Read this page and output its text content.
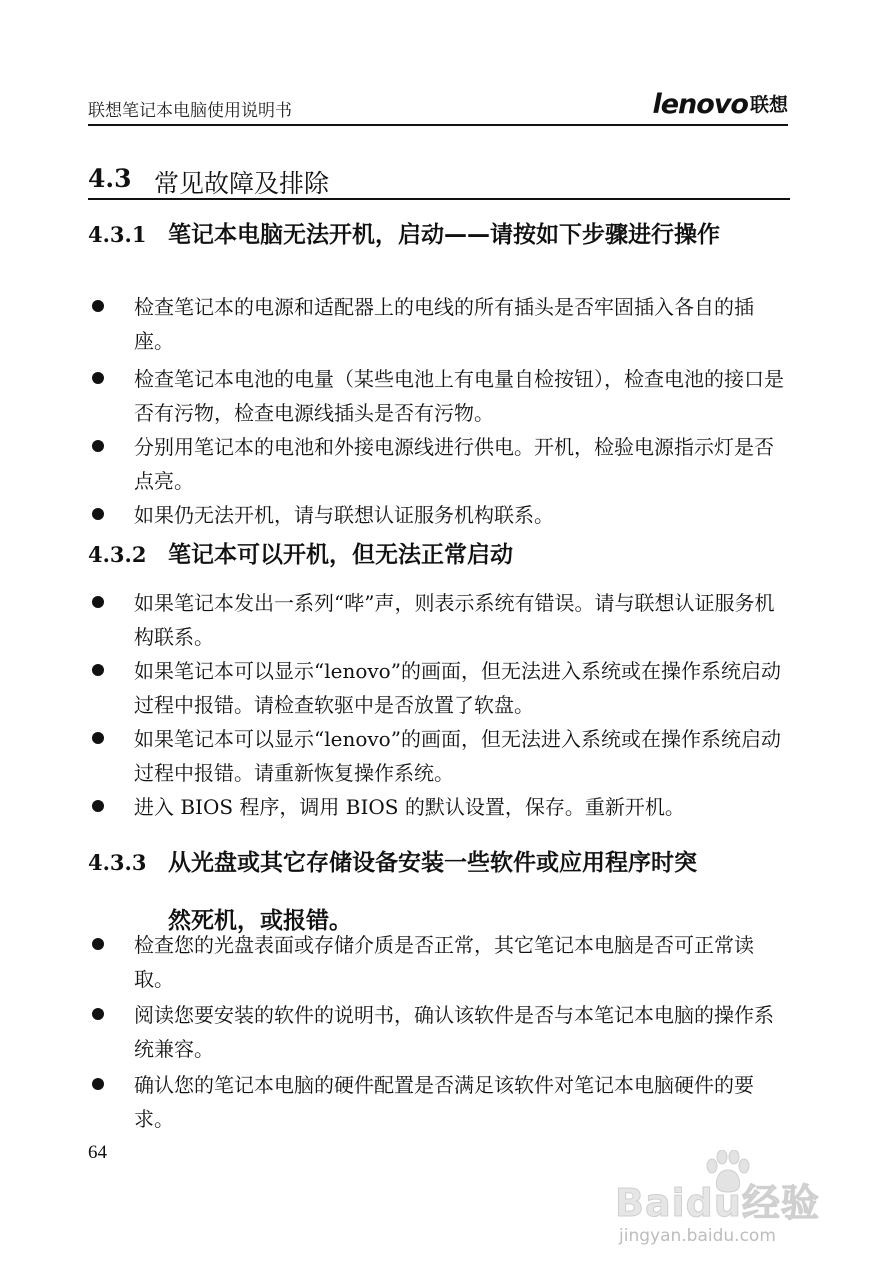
联想笔记本电脑使用说明书	lenovo 联想
4.3 常见故障及排除
4.3.1 笔记本电脑无法开机，启动——请按如下步骤进行操作
检查笔记本的电源和适配器上的电线的所有插头是否牢固插入各自的插座。
检查笔记本电池的电量（某些电池上有电量自检按钮），检查电池的接口是否有污物，检查电源线插头是否有污物。
分别用笔记本的电池和外接电源线进行供电。开机，检验电源指示灯是否点亮。
如果仍无法开机，请与联想认证服务机构联系。
4.3.2 笔记本可以开机，但无法正常启动
如果笔记本发出一系列“哔”声，则表示系统有错误。请与联想认证服务机构联系。
如果笔记本可以显示“lenovo”的画面，但无法进入系统或在操作系统启动过程中报错。请检查软驱中是否放置了软盘。
如果笔记本可以显示“lenovo”的画面，但无法进入系统或在操作系统启动过程中报错。请重新恢复操作系统。
进入 BIOS 程序，调用 BIOS 的默认设置，保存。重新开机。
4.3.3 从光盘或其它存储设备安装一些软件或应用程序时突
然死机，或报错。
检查您的光盘表面或存储介质是否正常，其它笔记本电脑是否可正常读取。
阅读您要安装的软件的说明书，确认该软件是否与本笔记本电脑的操作系统兼容。
确认您的笔记本电脑的硬件配置是否满足该软件对笔记本电脑硬件的要求。
64
Baidu经验
jingyan.baidu.com
